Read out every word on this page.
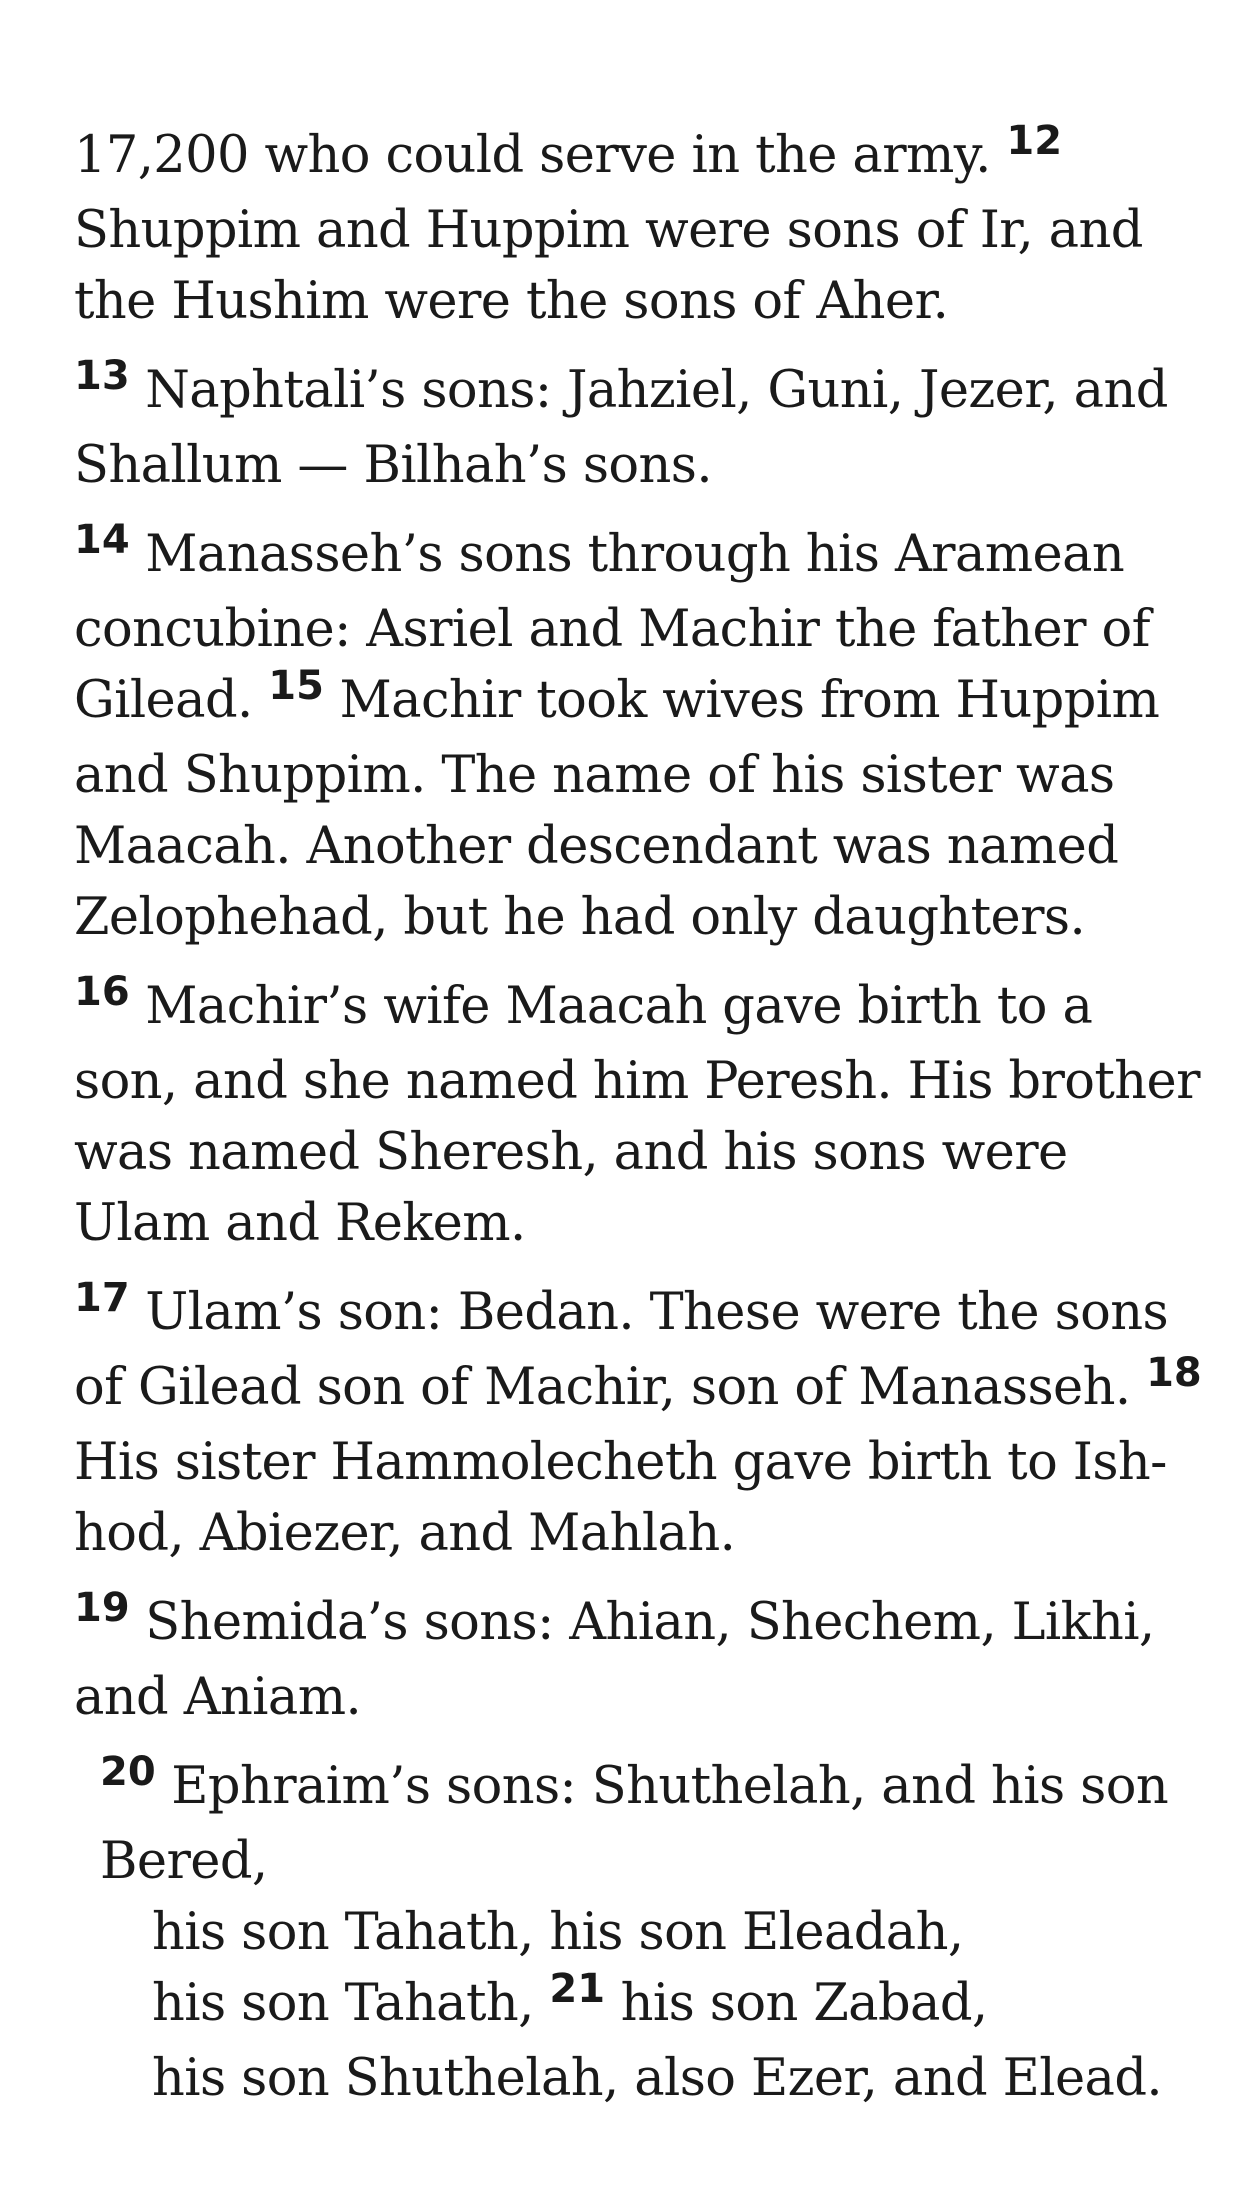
17,200 who could serve in the army. $^{12}$ Shuppim and Huppim were sons of Ir, and the Hushim were the sons of Aher.

$^{13}$ Naphtali’s sons: Jahziel, Guni, Jezer, and Shallum — Bilhah’s sons.

$^{14}$ Manasseh’s sons through his Aramean concubine: Asriel and Machir the father of Gilead. $^{15}$ Machir took wives from Huppim and Shuppim. The name of his sister was Maacah. Another descendant was named Zelophehad, but he had only daughters.

$^{16}$ Machir’s wife Maacah gave birth to a son, and she named him Peresh. His brother was named Sheresh, and his sons were Ulam and Rekem.

$^{17}$ Ulam’s son: Bedan. These were the sons of Gilead son of Machir, son of Manasseh. $^{18}$ His sister Hammolecheth gave birth to Ish-hod, Abiezer, and Mahlah.

$^{19}$ Shemida’s sons: Ahian, Shechem, Likhi, and Aniam.

$^{20}$ Ephraim’s sons: Shuthelah, and his son Bered,

his son Tahath, his son Eleadah,

his son Tahath, $^{21}$ his son Zabad,

his son Shuthelah, also Ezer, and Elead.
